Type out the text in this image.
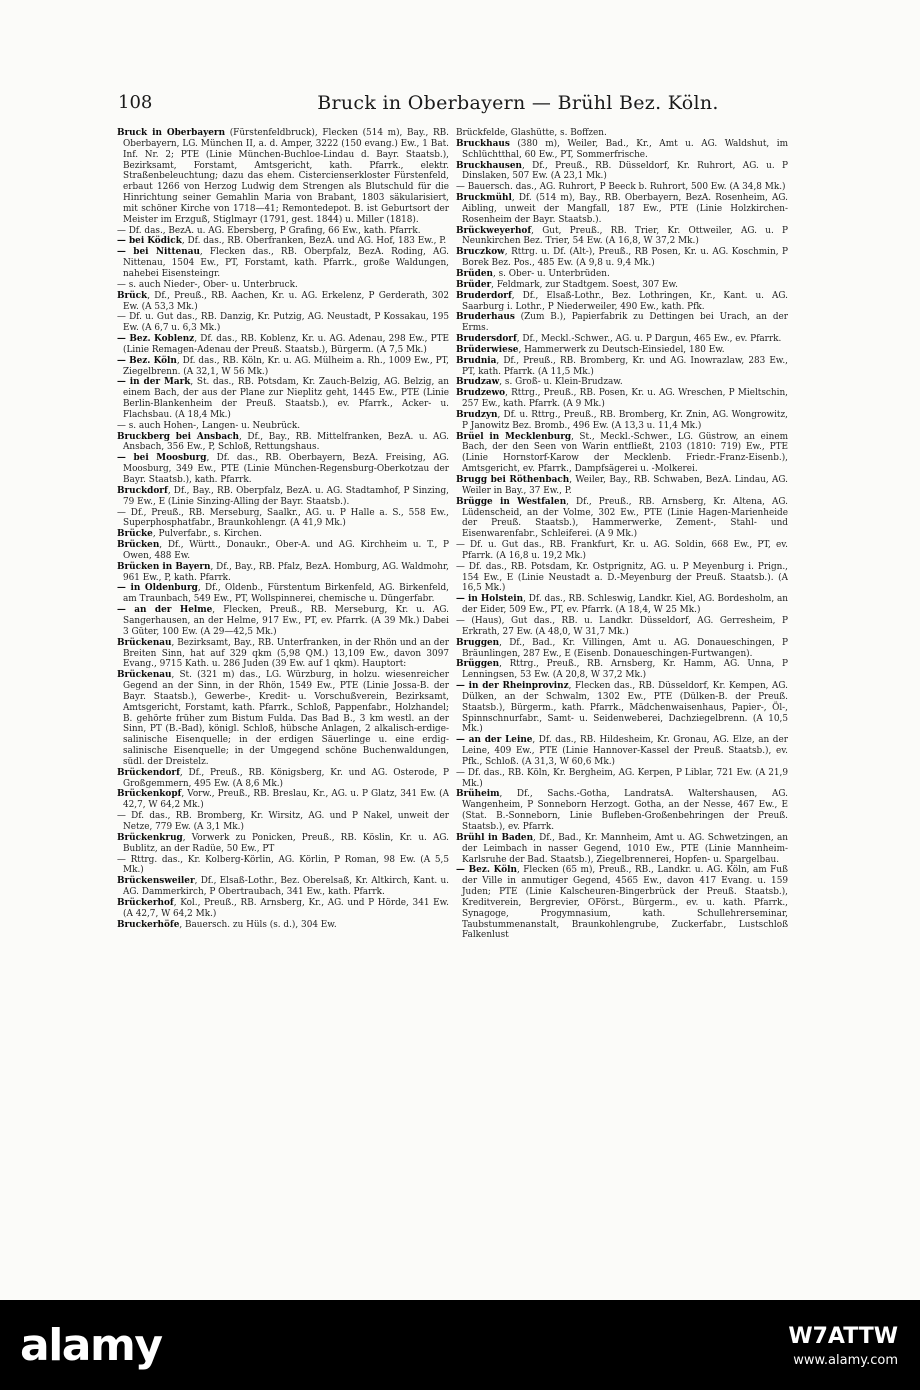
108	Bruck in Oberbayern — Brühl Bez. Köln.

Bruck in Oberbayern (Fürstenfeldbruck), Flecken (514 m), Bay., RB. Oberbayern, LG. München II, a. d. Amper, 3222 (150 evang.) Ew., 1 Bat. Inf. Nr. 2; PTE (Linie München-Buchloe-Lindau d. Bayr. Staatsb.), Bezirksamt, Forstamt, Amtsgericht, kath. Pfarrk., elektr. Straßenbeleuchtung; dazu das ehem. Cistercienserkloster Fürstenfeld, erbaut 1266 von Herzog Ludwig dem Strengen als Blutschuld für die Hinrichtung seiner Gemahlin Maria von Brabant, 1803 säkularisiert, mit schöner Kirche von 1718—41; Remontedepot. B. ist Geburtsort der Meister im Erzguß, Stiglmayr (1791, gest. 1844) u. Miller (1818).

— Df. das., BezA. u. AG. Ebersberg, P Grafing, 66 Ew., kath. Pfarrk.

— bei Ködick, Df. das., RB. Oberfranken, BezA. und AG. Hof, 183 Ew., P.

— bei Nittenau, Flecken das., RB. Oberpfalz, BezA. Roding, AG. Nittenau, 1504 Ew., PT, Forstamt, kath. Pfarrk., große Waldungen, nahebei Eisensteingr.

— s. auch Nieder-, Ober- u. Unterbruck.

Brück, Df., Preuß., RB. Aachen, Kr. u. AG. Erkelenz, P Gerderath, 302 Ew. (A 53,3 Mk.)

— Df. u. Gut das., RB. Danzig, Kr. Putzig, AG. Neustadt, P Kossakau, 195 Ew. (A 6,7 u. 6,3 Mk.)

— Bez. Koblenz, Df. das., RB. Koblenz, Kr. u. AG. Adenau, 298 Ew., PTE (Linie Remagen-Adenau der Preuß. Staatsb.), Bürgerm. (A 7,5 Mk.)

— Bez. Köln, Df. das., RB. Köln, Kr. u. AG. Mülheim a. Rh., 1009 Ew., PT, Ziegelbrenn. (A 32,1, W 56 Mk.)

— in der Mark, St. das., RB. Potsdam, Kr. Zauch-Belzig, AG. Belzig, an einem Bach, der aus der Plane zur Nieplitz geht, 1445 Ew., PTE (Linie Berlin-Blankenheim der Preuß. Staatsb.), ev. Pfarrk., Acker- u. Flachsbau. (A 18,4 Mk.)

— s. auch Hohen-, Langen- u. Neubrück.

Bruckberg bei Ansbach, Df., Bay., RB. Mittelfranken, BezA. u. AG. Ansbach, 356 Ew., P, Schloß, Rettungshaus.

— bei Moosburg, Df. das., RB. Oberbayern, BezA. Freising, AG. Moosburg, 349 Ew., PTE (Linie München-Regensburg-Oberkotzau der Bayr. Staatsb.), kath. Pfarrk.

Bruckdorf, Df., Bay., RB. Oberpfalz, BezA. u. AG. Stadtamhof, P Sinzing, 79 Ew., E (Linie Sinzing-Alling der Bayr. Staatsb.).

— Df., Preuß., RB. Merseburg, Saalkr., AG. u. P Halle a. S., 558 Ew., Superphosphatfabr., Braunkohlengr. (A 41,9 Mk.)

Brücke, Pulverfabr., s. Kirchen.

Brücken, Df., Württ., Donaukr., Ober-A. und AG. Kirchheim u. T., P Owen, 488 Ew.

Brücken in Bayern, Df., Bay., RB. Pfalz, BezA. Homburg, AG. Waldmohr, 961 Ew., P, kath. Pfarrk.

— in Oldenburg, Df., Oldenb., Fürstentum Birkenfeld, AG. Birkenfeld, am Traunbach, 549 Ew., PT, Wollspinnerei, chemische u. Düngerfabr.

— an der Helme, Flecken, Preuß., RB. Merseburg, Kr. u. AG. Sangerhausen, an der Helme, 917 Ew., PT, ev. Pfarrk. (A 39 Mk.) Dabei 3 Güter, 100 Ew. (A 29—42,5 Mk.)

Brückenau, Bezirksamt, Bay., RB. Unterfranken, in der Rhön und an der Breiten Sinn, hat auf 329 qkm (5,98 QM.) 13,109 Ew., davon 3097 Evang., 9715 Kath. u. 286 Juden (39 Ew. auf 1 qkm). Hauptort:

Brückenau, St. (321 m) das., LG. Würzburg, in holzu. wiesenreicher Gegend an der Sinn, in der Rhön, 1549 Ew., PTE (Linie Jossa-B. der Bayr. Staatsb.), Gewerbe-, Kredit- u. Vorschußverein, Bezirksamt, Amtsgericht, Forstamt, kath. Pfarrk., Schloß, Pappenfabr., Holzhandel; B. gehörte früher zum Bistum Fulda. Das Bad B., 3 km westl. an der Sinn, PT (B.-Bad), königl. Schloß, hübsche Anlagen, 2 alkalisch-erdige-salinische Eisenquelle; in der erdigen Säuerlinge u. eine erdig-salinische Eisenquelle; in der Umgegend schöne Buchenwaldungen, südl. der Dreistelz.

Brückendorf, Df., Preuß., RB. Königsberg, Kr. und AG. Osterode, P Großgemmern, 495 Ew. (A 8,6 Mk.)

Brückenkopf, Vorw., Preuß., RB. Breslau, Kr., AG. u. P Glatz, 341 Ew. (A 42,7, W 64,2 Mk.)

— Df. das., RB. Bromberg, Kr. Wirsitz, AG. und P Nakel, unweit der Netze, 779 Ew. (A 3,1 Mk.)

Brückenkrug, Vorwerk zu Ponicken, Preuß., RB. Köslin, Kr. u. AG. Bublitz, an der Radüe, 50 Ew., PT

— Rttrg. das., Kr. Kolberg-Körlin, AG. Körlin, P Roman, 98 Ew. (A 5,5 Mk.)

Brückensweiler, Df., Elsaß-Lothr., Bez. Oberelsaß, Kr. Altkirch, Kant. u. AG. Dammerkirch, P Obertraubach, 341 Ew., kath. Pfarrk.

Brückerhof, Kol., Preuß., RB. Arnsberg, Kr., AG. und P Hörde, 341 Ew. (A 42,7, W 64,2 Mk.)

Bruckerhöfe, Bauersch. zu Hüls (s. d.), 304 Ew.

Brückfelde, Glashütte, s. Boffzen.

Bruckhaus (380 m), Weiler, Bad., Kr., Amt u. AG. Waldshut, im Schlüchtthal, 60 Ew., PT, Sommerfrische.

Bruckhausen, Df., Preuß., RB. Düsseldorf, Kr. Ruhrort, AG. u. P Dinslaken, 507 Ew. (A 23,1 Mk.)

— Bauersch. das., AG. Ruhrort, P Beeck b. Ruhrort, 500 Ew. (A 34,8 Mk.)

Bruckmühl, Df. (514 m), Bay., RB. Oberbayern, BezA. Rosenheim, AG. Aibling, unweit der Mangfall, 187 Ew., PTE (Linie Holzkirchen-Rosenheim der Bayr. Staatsb.).

Brückweyerhof, Gut, Preuß., RB. Trier, Kr. Ottweiler, AG. u. P Neunkirchen Bez. Trier, 54 Ew. (A 16,8, W 37,2 Mk.)

Bruczkow, Rttrg. u. Df. (Alt-), Preuß., RB Posen, Kr. u. AG. Koschmin, P Borek Bez. Pos., 485 Ew. (A 9,8 u. 9,4 Mk.)

Brüden, s. Ober- u. Unterbrüden.

Brüder, Feldmark, zur Stadtgem. Soest, 307 Ew.

Bruderdorf, Df., Elsaß-Lothr., Bez. Lothringen, Kr., Kant. u. AG. Saarburg i. Lothr., P Niederweiler, 490 Ew., kath. Pfk.

Bruderhaus (Zum B.), Papierfabrik zu Dettingen bei Urach, an der Erms.

Brudersdorf, Df., Meckl.-Schwer., AG. u. P Dargun, 465 Ew., ev. Pfarrk.

Brüderwiese, Hammerwerk zu Deutsch-Einsiedel, 180 Ew.

Brudnia, Df., Preuß., RB. Bromberg, Kr. und AG. Inowrazlaw, 283 Ew., PT, kath. Pfarrk. (A 11,5 Mk.)

Brudzaw, s. Groß- u. Klein-Brudzaw.

Brudzewo, Rttrg., Preuß., RB. Posen, Kr. u. AG. Wreschen, P Mieltschin, 257 Ew., kath. Pfarrk. (A 9 Mk.)

Brudzyn, Df. u. Rttrg., Preuß., RB. Bromberg, Kr. Znin, AG. Wongrowitz, P Janowitz Bez. Bromb., 496 Ew. (A 13,3 u. 11,4 Mk.)

Brüel in Mecklenburg, St., Meckl.-Schwer., LG. Güstrow, an einem Bach, der den Seen von Warin entfließt, 2103 (1810: 719) Ew., PTE (Linie Hornstorf-Karow der Mecklenb. Friedr.-Franz-Eisenb.), Amtsgericht, ev. Pfarrk., Dampfsägerei u. -Molkerei.

Brugg bei Röthenbach, Weiler, Bay., RB. Schwaben, BezA. Lindau, AG. Weiler in Bay., 37 Ew., P.

Brügge in Westfalen, Df., Preuß., RB. Arnsberg, Kr. Altena, AG. Lüdenscheid, an der Volme, 302 Ew., PTE (Linie Hagen-Marienheide der Preuß. Staatsb.), Hammerwerke, Zement-, Stahl- und Eisenwarenfabr., Schleiferei. (A 9 Mk.)

— Df. u. Gut das., RB. Frankfurt, Kr. u. AG. Soldin, 668 Ew., PT, ev. Pfarrk. (A 16,8 u. 19,2 Mk.)

— Df. das., RB. Potsdam, Kr. Ostprignitz, AG. u. P Meyenburg i. Prign., 154 Ew., E (Linie Neustadt a. D.-Meyenburg der Preuß. Staatsb.). (A 16,5 Mk.)

— in Holstein, Df. das., RB. Schleswig, Landkr. Kiel, AG. Bordesholm, an der Eider, 509 Ew., PT, ev. Pfarrk. (A 18,4, W 25 Mk.)

— (Haus), Gut das., RB. u. Landkr. Düsseldorf, AG. Gerresheim, P Erkrath, 27 Ew. (A 48,0, W 31,7 Mk.)

Bruggen, Df., Bad., Kr. Villingen, Amt u. AG. Donaueschingen, P Bräunlingen, 287 Ew., E (Eisenb. Donaueschingen-Furtwangen).

Brüggen, Rttrg., Preuß., RB. Arnsberg, Kr. Hamm, AG. Unna, P Lenningsen, 53 Ew. (A 20,8, W 37,2 Mk.)

— in der Rheinprovinz, Flecken das., RB. Düsseldorf, Kr. Kempen, AG. Dülken, an der Schwalm, 1302 Ew., PTE (Dülken-B. der Preuß. Staatsb.), Bürgerm., kath. Pfarrk., Mädchenwaisenhaus, Papier-, Öl-, Spinnschnurfabr., Samt- u. Seidenweberei, Dachziegelbrenn. (A 10,5 Mk.)

— an der Leine, Df. das., RB. Hildesheim, Kr. Gronau, AG. Elze, an der Leine, 409 Ew., PTE (Linie Hannover-Kassel der Preuß. Staatsb.), ev. Pfk., Schloß. (A 31,3, W 60,6 Mk.)

— Df. das., RB. Köln, Kr. Bergheim, AG. Kerpen, P Liblar, 721 Ew. (A 21,9 Mk.)

Brüheim, Df., Sachs.-Gotha, LandratsA. Waltershausen, AG. Wangenheim, P Sonneborn Herzogt. Gotha, an der Nesse, 467 Ew., E (Stat. B.-Sonneborn, Linie Bufleben-Großenbehringen der Preuß. Staatsb.), ev. Pfarrk.

Brühl in Baden, Df., Bad., Kr. Mannheim, Amt u. AG. Schwetzingen, an der Leimbach in nasser Gegend, 1010 Ew., PTE (Linie Mannheim-Karlsruhe der Bad. Staatsb.), Ziegelbrennerei, Hopfen- u. Spargelbau.

— Bez. Köln, Flecken (65 m), Preuß., RB., Landkr. u. AG. Köln, am Fuß der Ville in anmutiger Gegend, 4565 Ew., davon 417 Evang. u. 159 Juden; PTE (Linie Kalscheuren-Bingerbrück der Preuß. Staatsb.), Kreditverein, Bergrevier, OFörst., Bürgerm., ev. u. kath. Pfarrk., Synagoge, Progymnasium, kath. Schullehrerseminar, Taubstummenanstalt, Braunkohlengrube, Zuckerfabr., Lustschloß Falkenlust

alamy	W7ATTW
www.alamy.com
